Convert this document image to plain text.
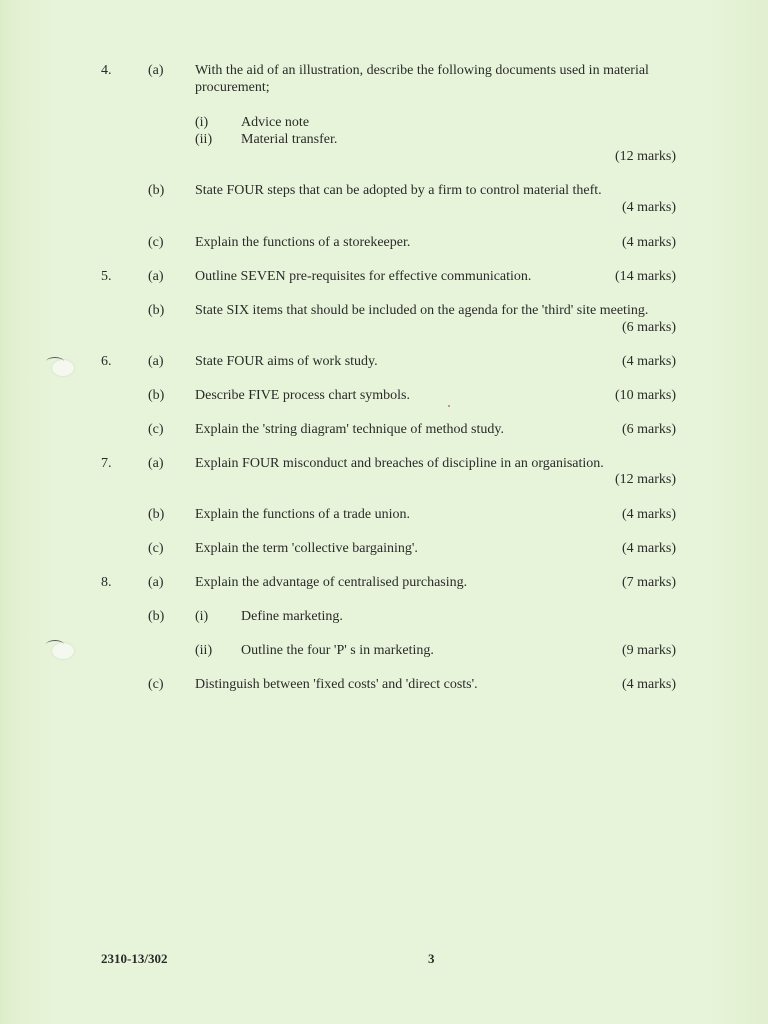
4.	(a) With the aid of an illustration, describe the following documents used in material
procurement;
(i) Advice note
(ii) Material transfer.
(12 marks)
(b) State FOUR steps that can be adopted by a firm to control material theft.
(4 marks)
(c) Explain the functions of a storekeeper.	(4 marks)
5.	(a) Outline SEVEN pre-requisites for effective communication.	(14 marks)
(b) State SIX items that should be included on the agenda for the 'third' site meeting.
(6 marks)
6.	(a) State FOUR aims of work study.	(4 marks)
(b) Describe FIVE process chart symbols.	(10 marks)
(c) Explain the 'string diagram' technique of method study.	(6 marks)
7.	(a) Explain FOUR misconduct and breaches of discipline in an organisation.
(12 marks)
(b) Explain the functions of a trade union.	(4 marks)
(c) Explain the term 'collective bargaining'.	(4 marks)
8.	(a) Explain the advantage of centralised purchasing.	(7 marks)
(b) (i) Define marketing.
(ii) Outline the four 'P' s in marketing.	(9 marks)
(c) Distinguish between 'fixed costs' and 'direct costs'.	(4 marks)
2310-13/302	3
